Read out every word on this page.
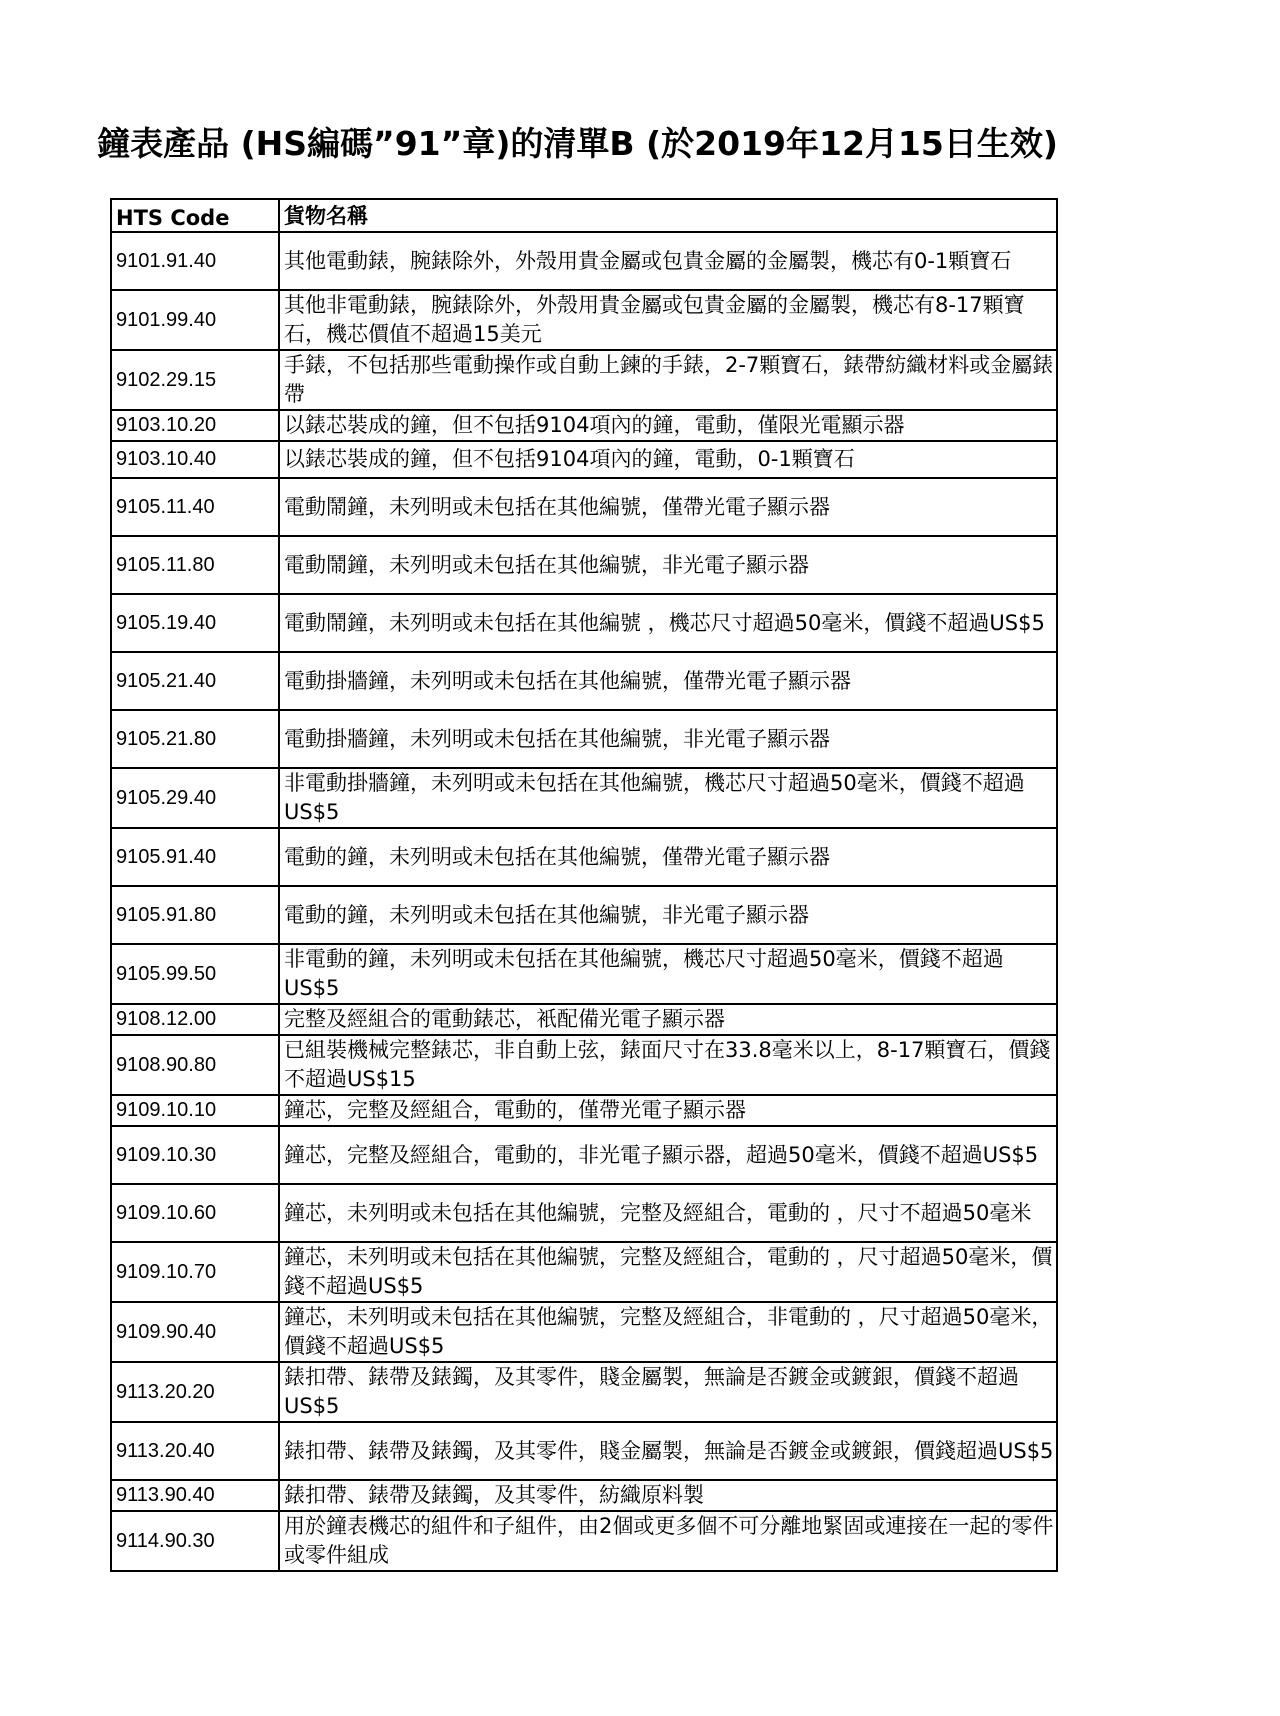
鐘表產品 (HS編碼”91”章)的清單B (於2019年12月15日生效)
HTS Code	貨物名稱
9101.91.40	其他電動錶，腕錶除外，外殼用貴金屬或包貴金屬的金屬製，機芯有0-1顆寶石
9101.99.40	其他非電動錶，腕錶除外，外殼用貴金屬或包貴金屬的金屬製，機芯有8-17顆寶石，機芯價值不超過15美元
9102.29.15	手錶，不包括那些電動操作或自動上鍊的手錶，2-7顆寶石，錶帶紡織材料或金屬錶帶
9103.10.20	以錶芯裝成的鐘，但不包括9104項內的鐘，電動，僅限光電顯示器
9103.10.40	以錶芯裝成的鐘，但不包括9104項內的鐘，電動，0-1顆寶石
9105.11.40	電動鬧鐘，未列明或未包括在其他編號，僅帶光電子顯示器
9105.11.80	電動鬧鐘，未列明或未包括在其他編號，非光電子顯示器
9105.19.40	電動鬧鐘，未列明或未包括在其他編號 ，機芯尺寸超過50毫米，價錢不超過US$5
9105.21.40	電動掛牆鐘，未列明或未包括在其他編號，僅帶光電子顯示器
9105.21.80	電動掛牆鐘，未列明或未包括在其他編號，非光電子顯示器
9105.29.40	非電動掛牆鐘，未列明或未包括在其他編號，機芯尺寸超過50毫米，價錢不超過US$5
9105.91.40	電動的鐘，未列明或未包括在其他編號，僅帶光電子顯示器
9105.91.80	電動的鐘，未列明或未包括在其他編號，非光電子顯示器
9105.99.50	非電動的鐘，未列明或未包括在其他編號，機芯尺寸超過50毫米，價錢不超過US$5
9108.12.00	完整及經組合的電動錶芯，衹配備光電子顯示器
9108.90.80	已組裝機械完整錶芯，非自動上弦，錶面尺寸在33.8毫米以上，8-17顆寶石，價錢不超過US$15
9109.10.10	鐘芯，完整及經組合，電動的，僅帶光電子顯示器
9109.10.30	鐘芯，完整及經組合，電動的，非光電子顯示器，超過50毫米，價錢不超過US$5
9109.10.60	鐘芯，未列明或未包括在其他編號，完整及經組合，電動的 ，尺寸不超過50毫米
9109.10.70	鐘芯，未列明或未包括在其他編號，完整及經組合，電動的 ，尺寸超過50毫米，價錢不超過US$5
9109.90.40	鐘芯，未列明或未包括在其他編號，完整及經組合，非電動的 ，尺寸超過50毫米，價錢不超過US$5
9113.20.20	錶扣帶、錶帶及錶鐲，及其零件，賤金屬製，無論是否鍍金或鍍銀，價錢不超過US$5
9113.20.40	錶扣帶、錶帶及錶鐲，及其零件，賤金屬製，無論是否鍍金或鍍銀，價錢超過US$5
9113.90.40	錶扣帶、錶帶及錶鐲，及其零件，紡織原料製
9114.90.30	用於鐘表機芯的組件和子組件，由2個或更多個不可分離地緊固或連接在一起的零件或零件組成
